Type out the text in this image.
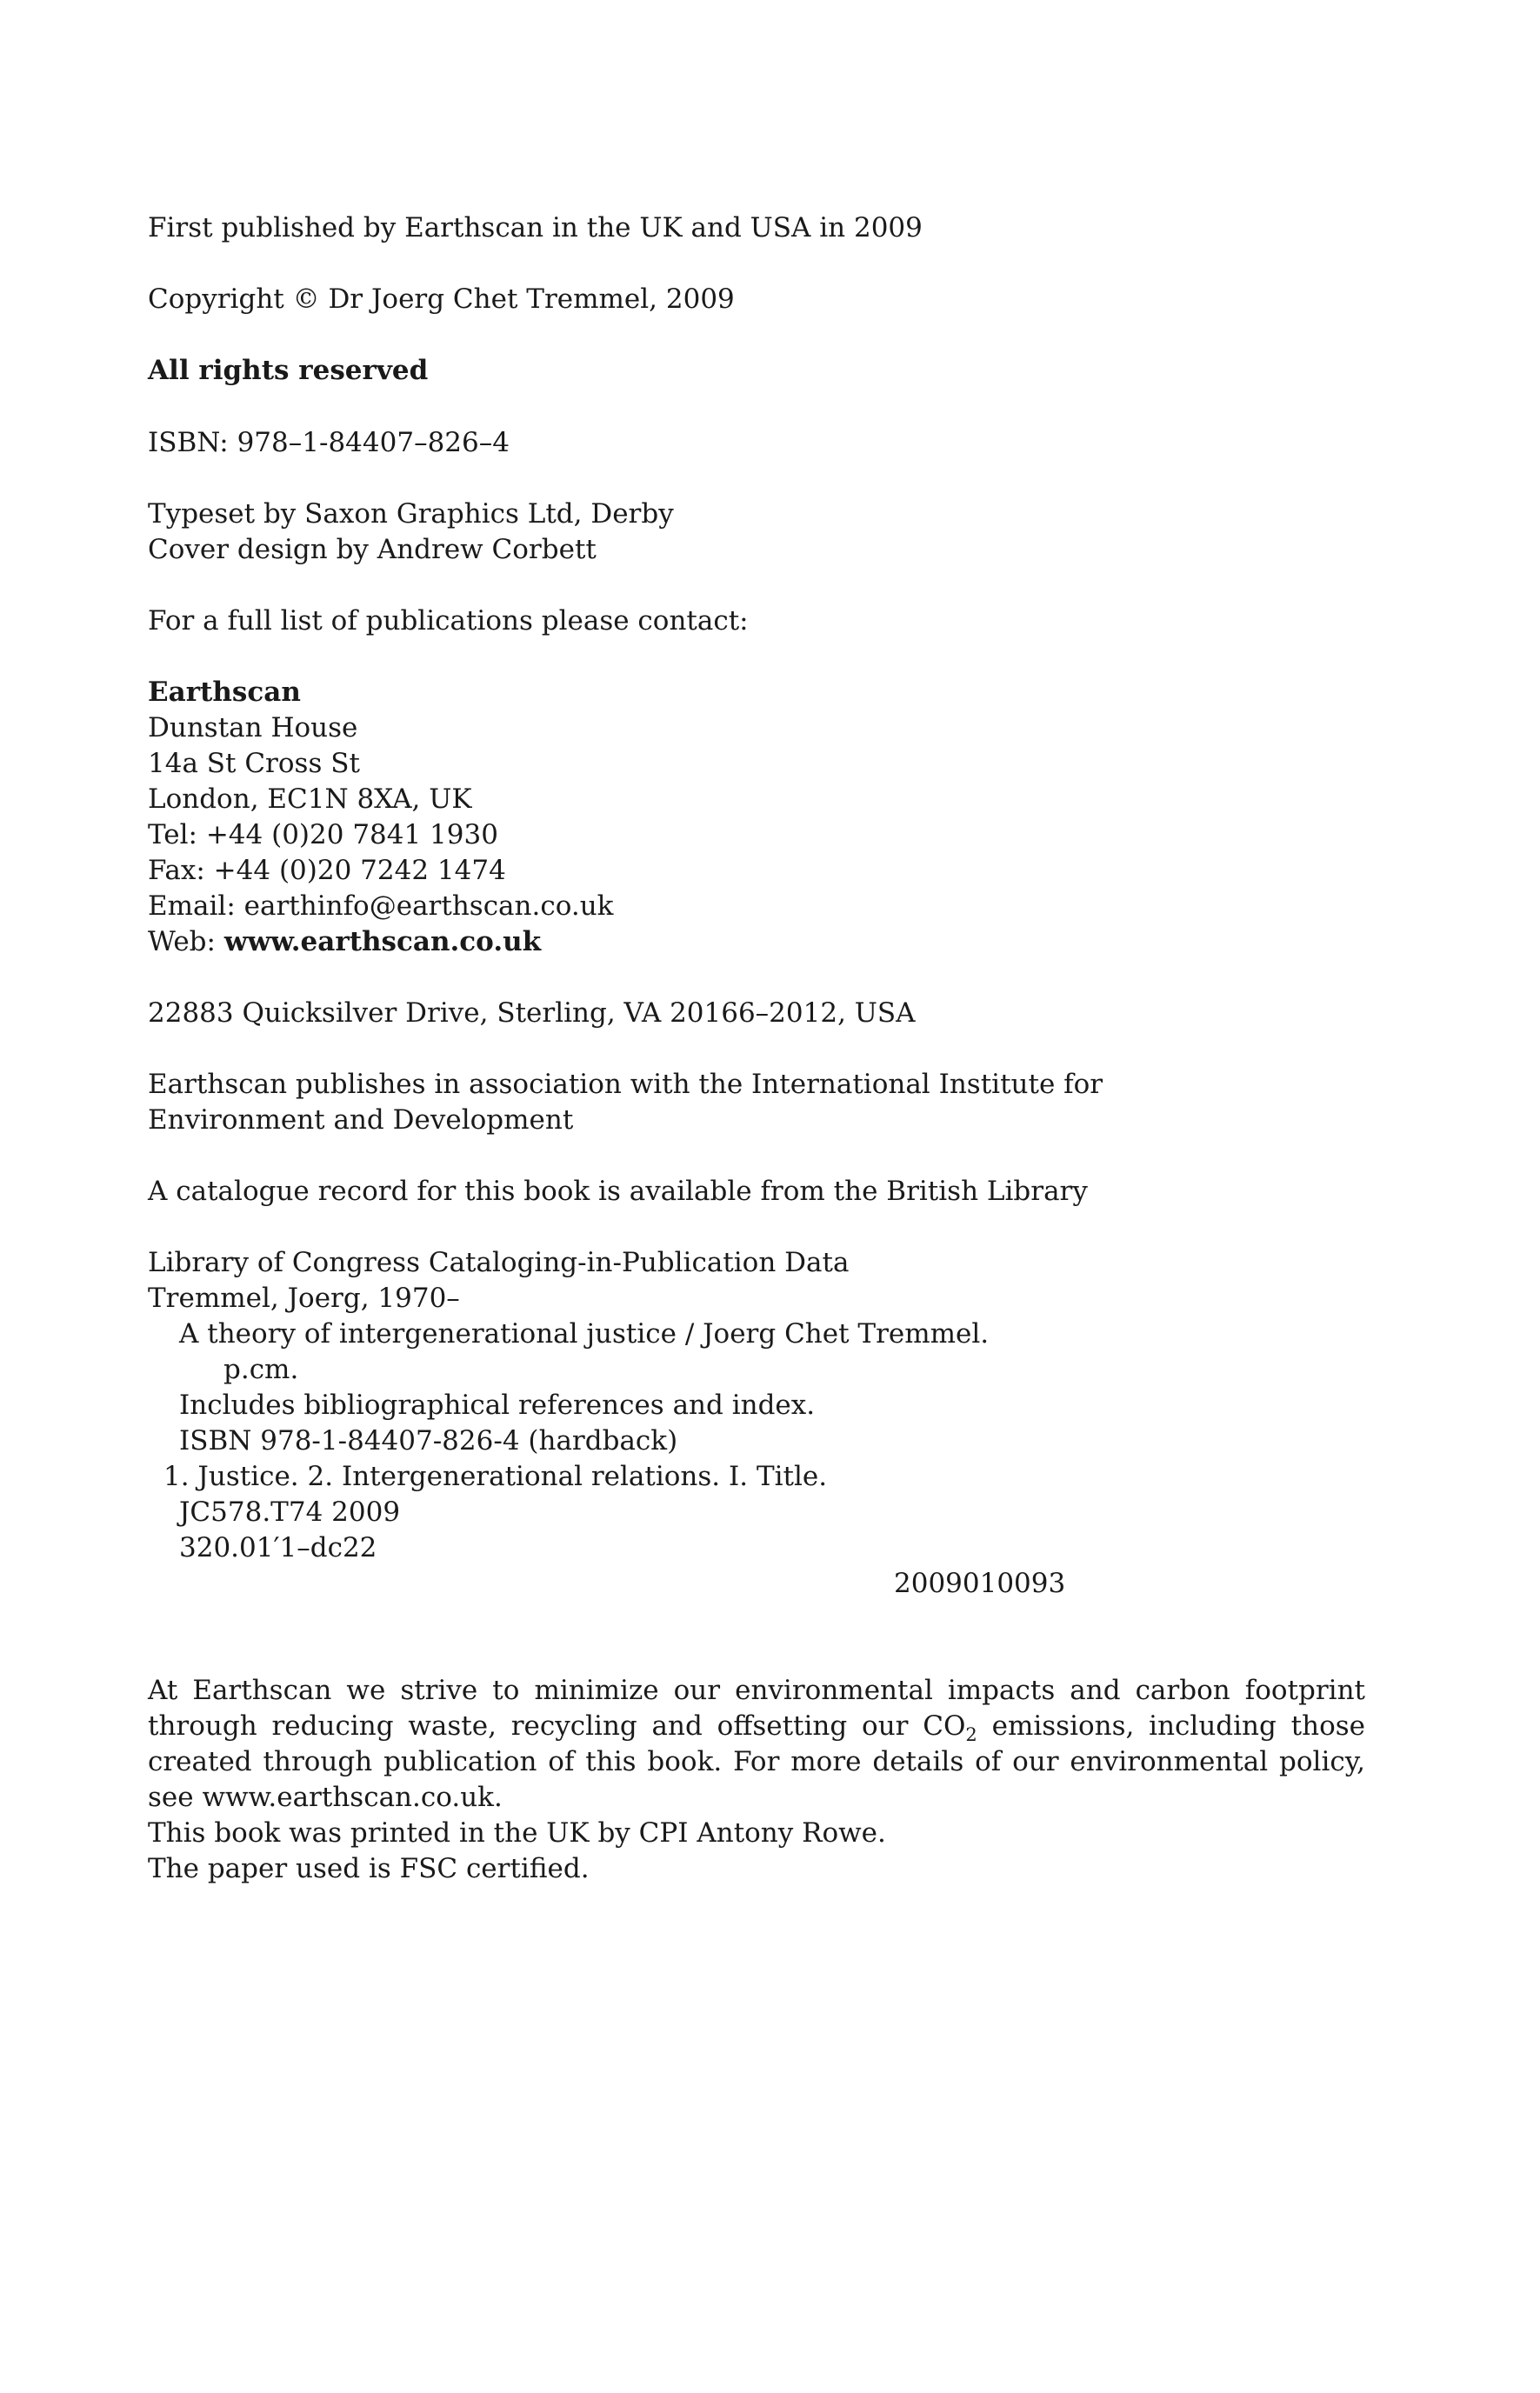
First published by Earthscan in the UK and USA in 2009

Copyright © Dr Joerg Chet Tremmel, 2009

All rights reserved

ISBN: 978–1-84407–826–4

Typeset by Saxon Graphics Ltd, Derby

Cover design by Andrew Corbett

For a full list of publications please contact:

Earthscan

Dunstan House

14a St Cross St

London, EC1N 8XA, UK

Tel: +44 (0)20 7841 1930

Fax: +44 (0)20 7242 1474

Email: earthinfo@earthscan.co.uk

Web: www.earthscan.co.uk

22883 Quicksilver Drive, Sterling, VA 20166–2012, USA

Earthscan publishes in association with the International Institute for Environment and Development

A catalogue record for this book is available from the British Library

Library of Congress Cataloging-in-Publication Data

Tremmel, Joerg, 1970–

A theory of intergenerational justice / Joerg Chet Tremmel.

p.cm.

Includes bibliographical references and index.

ISBN 978-1-84407-826-4 (hardback)

1. Justice. 2. Intergenerational relations. I. Title.

JC578.T74 2009

320.01′1–dc22

2009010093

At Earthscan we strive to minimize our environmental impacts and carbon footprint through reducing waste, recycling and offsetting our $CO_2$ emissions, including those created through publication of this book. For more details of our environmental policy, see www.earthscan.co.uk.

This book was printed in the UK by CPI Antony Rowe.

The paper used is FSC certified.
